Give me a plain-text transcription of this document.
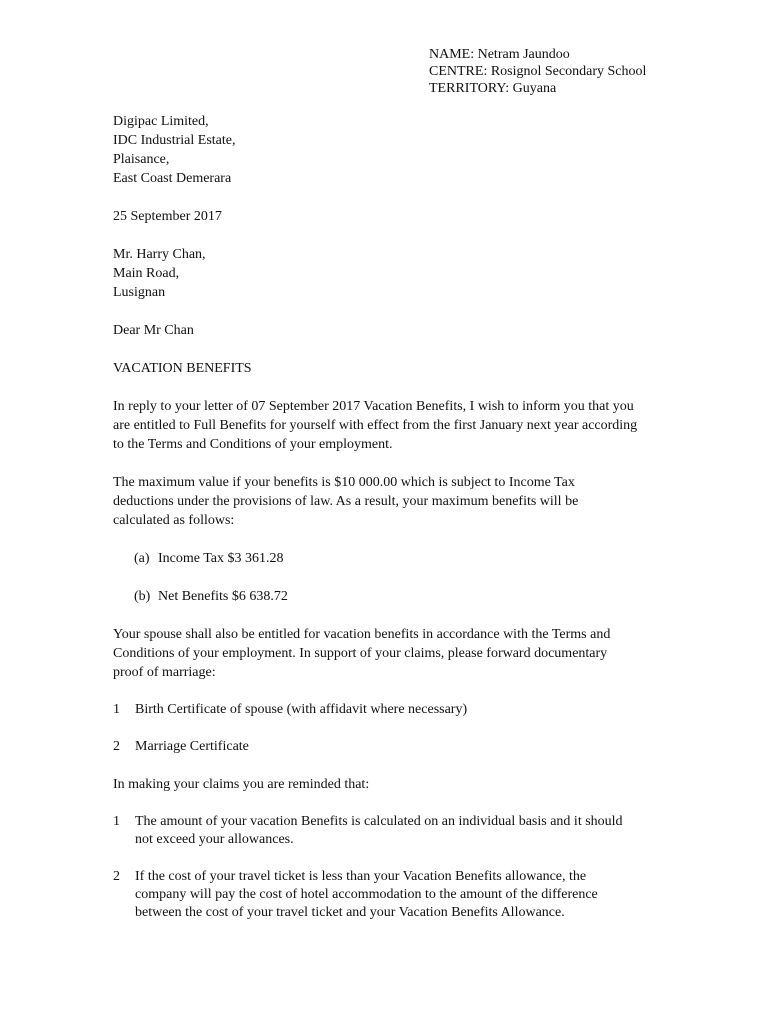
NAME: Netram Jaundoo
CENTRE: Rosignol Secondary School
TERRITORY: Guyana
Digipac Limited,
IDC Industrial Estate,
Plaisance,
East Coast Demerara
25 September 2017
Mr. Harry Chan,
Main Road,
Lusignan
Dear Mr Chan
VACATION BENEFITS
In reply to your letter of 07 September 2017 Vacation Benefits, I wish to inform you that you
are entitled to Full Benefits for yourself with effect from the first January next year according
to the Terms and Conditions of your employment.
The maximum value if your benefits is $10 000.00 which is subject to Income Tax
deductions under the provisions of law. As a result, your maximum benefits will be
calculated as follows:
(a) Income Tax $3 361.28
(b) Net Benefits $6 638.72
Your spouse shall also be entitled for vacation benefits in accordance with the Terms and
Conditions of your employment. In support of your claims, please forward documentary
proof of marriage:
1	Birth Certificate of spouse (with affidavit where necessary)
2	Marriage Certificate
In making your claims you are reminded that:
1	The amount of your vacation Benefits is calculated on an individual basis and it should
not exceed your allowances.
2	If the cost of your travel ticket is less than your Vacation Benefits allowance, the
company will pay the cost of hotel accommodation to the amount of the difference
between the cost of your travel ticket and your Vacation Benefits Allowance.
